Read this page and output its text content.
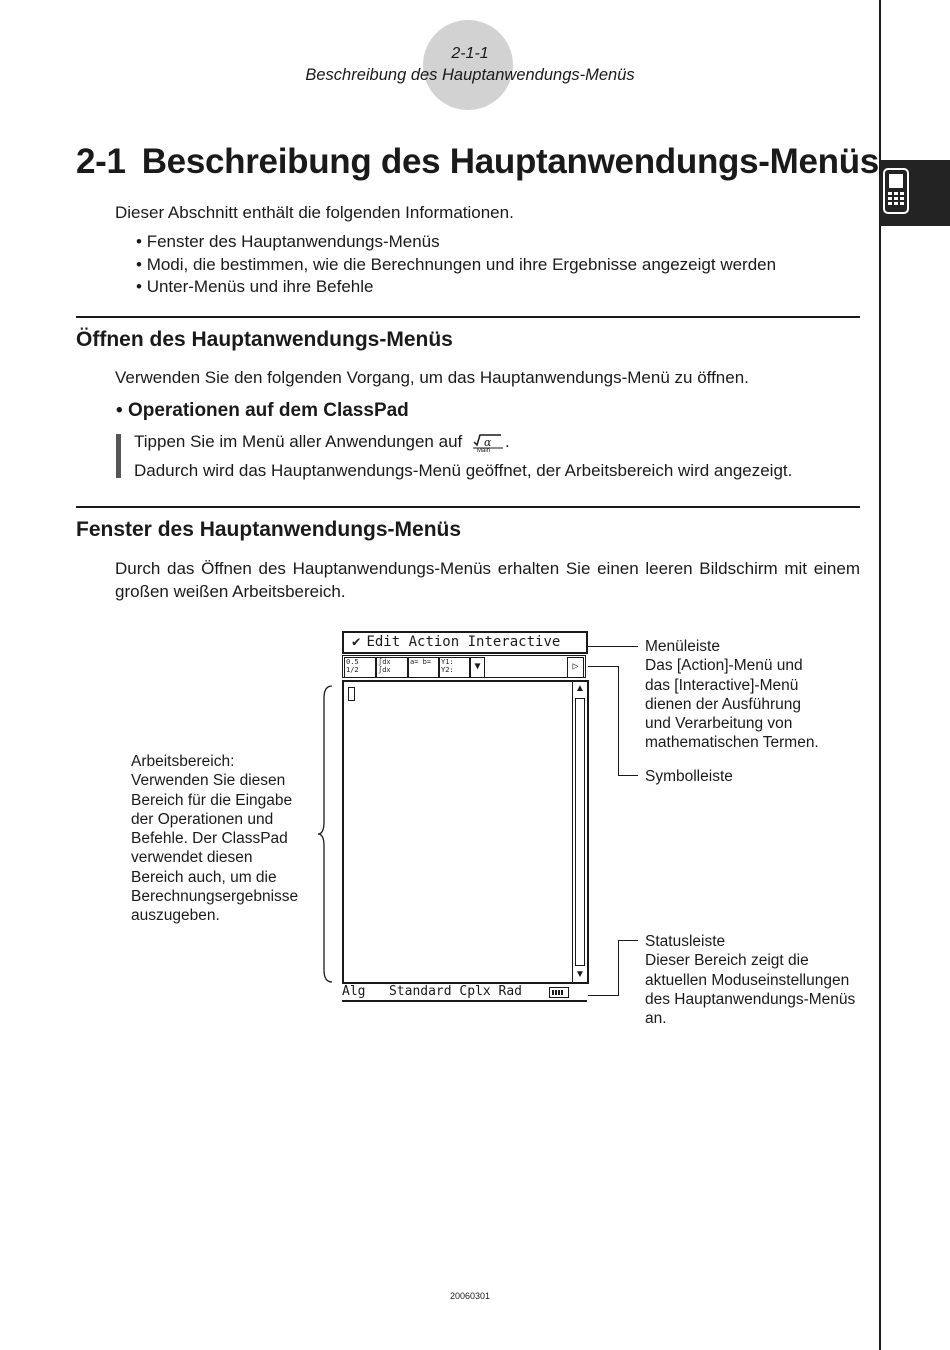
2-1-1
Beschreibung des Hauptanwendungs-Menüs
2-1 Beschreibung des Hauptanwendungs-Menüs
Dieser Abschnitt enthält die folgenden Informationen.
• Fenster des Hauptanwendungs-Menüs
• Modi, die bestimmen, wie die Berechnungen und ihre Ergebnisse angezeigt werden
• Unter-Menüs und ihre Befehle
Öffnen des Hauptanwendungs-Menüs
Verwenden Sie den folgenden Vorgang, um das Hauptanwendungs-Menü zu öffnen.
• Operationen auf dem ClassPad
Tippen Sie im Menü aller Anwendungen auf α
Main .
Dadurch wird das Hauptanwendungs-Menü geöffnet, der Arbeitsbereich wird angezeigt.
Fenster des Hauptanwendungs-Menüs
Durch das Öffnen des Hauptanwendungs-Menüs erhalten Sie einen leeren Bildschirm mit einem großen weißen Arbeitsbereich.
✔ Edit Action Interactive
0.5 1/2
∫dx ∫dx
a= b=	Y1: Y2:	▼	▷
▲
▼
Alg   Standard Cplx Rad
Arbeitsbereich:
Verwenden Sie diesen
Bereich für die Eingabe
der Operationen und
Befehle. Der ClassPad
verwendet diesen
Bereich auch, um die
Berechnungsergebnisse
auszugeben.
Menüleiste
Das [Action]-Menü und
das [Interactive]-Menü
dienen der Ausführung
und Verarbeitung von
mathematischen Termen.
Symbolleiste
Statusleiste
Dieser Bereich zeigt die
aktuellen Moduseinstellungen
des Hauptanwendungs-Menüs
an.
20060301
